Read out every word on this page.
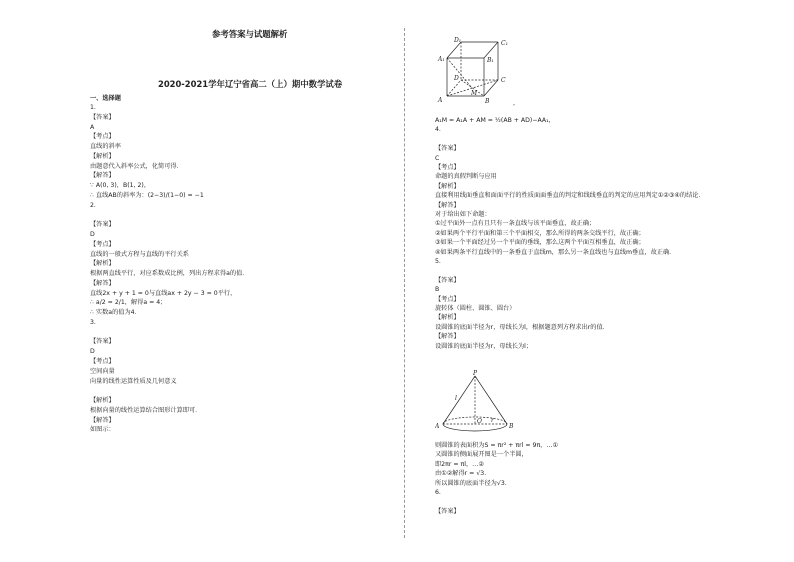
参考答案与试题解析
2020-2021学年辽宁省高二（上）期中数学试卷
一、选择题
1.
【答案】
A
【考点】
直线的斜率
【解析】
由题意代入斜率公式，化简可得．
【解答】
∵ A(0, 3)，B(1, 2)，
∴ 直线AB的斜率为：(2−3)/(1−0) = −1
2.
【答案】
D
【考点】
直线的一般式方程与直线的平行关系
【解析】
根据两直线平行，对应系数成比例，列出方程求得a的值．
【解答】
直线2x + y + 1 = 0与直线ax + 2y − 3 = 0平行，
∴ a/2 = 2/1，解得a = 4；
∴ 实数a的值为4．
3.
【答案】
D
【考点】
空间向量
向量的线性运算性质及几何意义
【解析】
根据向量的线性运算结合图形计算即可．
【解答】
如图示：
D₁	C₁
A₁	B₁
D	C
A	B
M
P
l
A
O
B
r
,
A₁M = A₁A + AM = ½(AB + AD)−AA₁，
4.
【答案】
C
【考点】
命题的真假判断与应用
【解析】
直接利用线面垂直和面面平行的性质面面垂直的判定和线线垂直的判定的应用判定①②③④的结论．
【解答】
对于给出如下命题：
①过平面外一点有且只有一条直线与该平面垂直，故正确；
②如果两个平行平面和第三个平面相交，那么所得的两条交线平行，故正确；
③如果一个平面经过另一个平面的垂线，那么这两个平面互相垂直，故正确；
④如果两条平行直线中的一条垂直于直线m，那么另一条直线也与直线m垂直，故正确．
5.
【答案】
B
【考点】
旋转体（圆柱、圆锥、圆台）
【解析】
设圆锥的底面半径为r，母线长为l，根据题意列方程求出r的值．
【解答】
设圆锥的底面半径为r，母线长为l；
则圆锥的表面积为S = πr² + πrl = 9π，…①
又圆锥的侧面展开图是一个半圆，
即2πr = πl，…②
由①②解得r = √3．
所以圆锥的底面半径为√3．
6.
【答案】
